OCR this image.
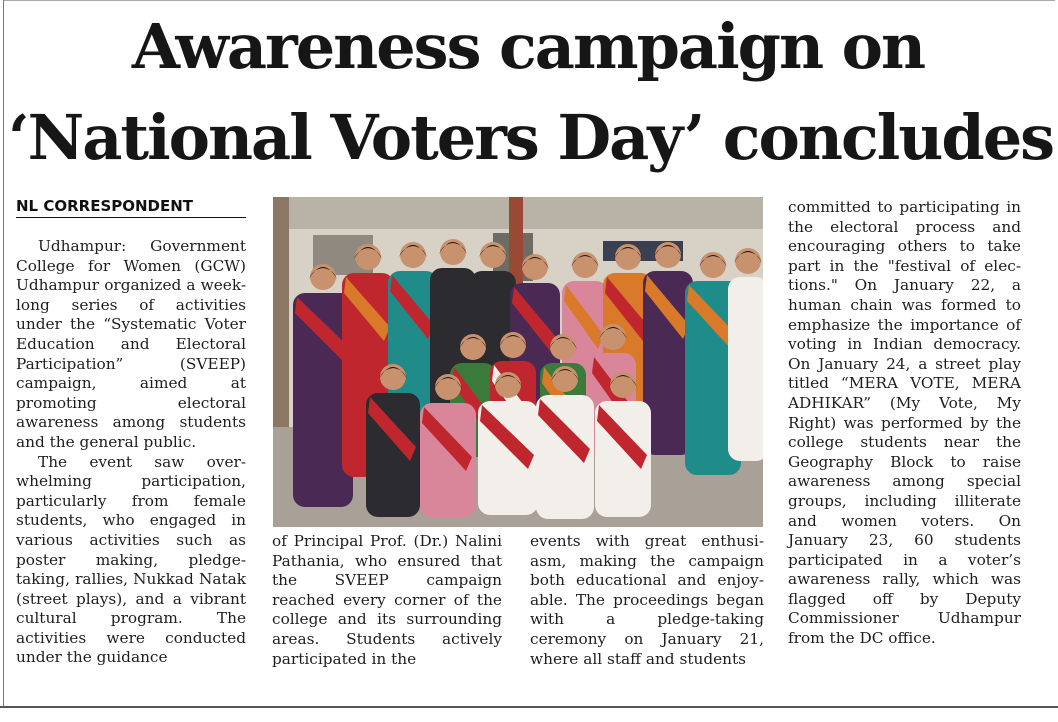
Awareness campaign on
‘National Voters Day’ concludes
NL CORRESPONDENT

Udhampur: Government College for Women (GCW) Udhampur organized a week-long series of activities under the “Systematic Voter Education and Electoral Participation” (SVEEP) campaign, aimed at promoting electoral awareness among students and the general public.

The event saw overwhelming participation, particularly from female students, who engaged in various activities such as poster making, pledge-taking, rallies, Nukkad Natak (street plays), and a vibrant cultural program. The activities were conducted under the guidance

of Principal Prof. (Dr.) Nalini Pathania, who ensured that the SVEEP campaign reached every corner of the college and its surrounding areas. Students actively participated in the

events with great enthusiasm, making the campaign both educational and enjoyable. The proceedings began with a pledge-taking ceremony on January 21, where all staff and students

committed to participating in the electoral process and encouraging others to take part in the "festival of elections." On January 22, a human chain was formed to emphasize the importance of voting in Indian democracy. On January 24, a street play titled “MERA VOTE, MERA ADHIKAR” (My Vote, My Right) was performed by the college students near the Geography Block to raise awareness among special groups, including illiterate and women voters. On January 23, 60 students participated in a voter’s awareness rally, which was flagged off by Deputy Commissioner Udhampur from the DC office.
